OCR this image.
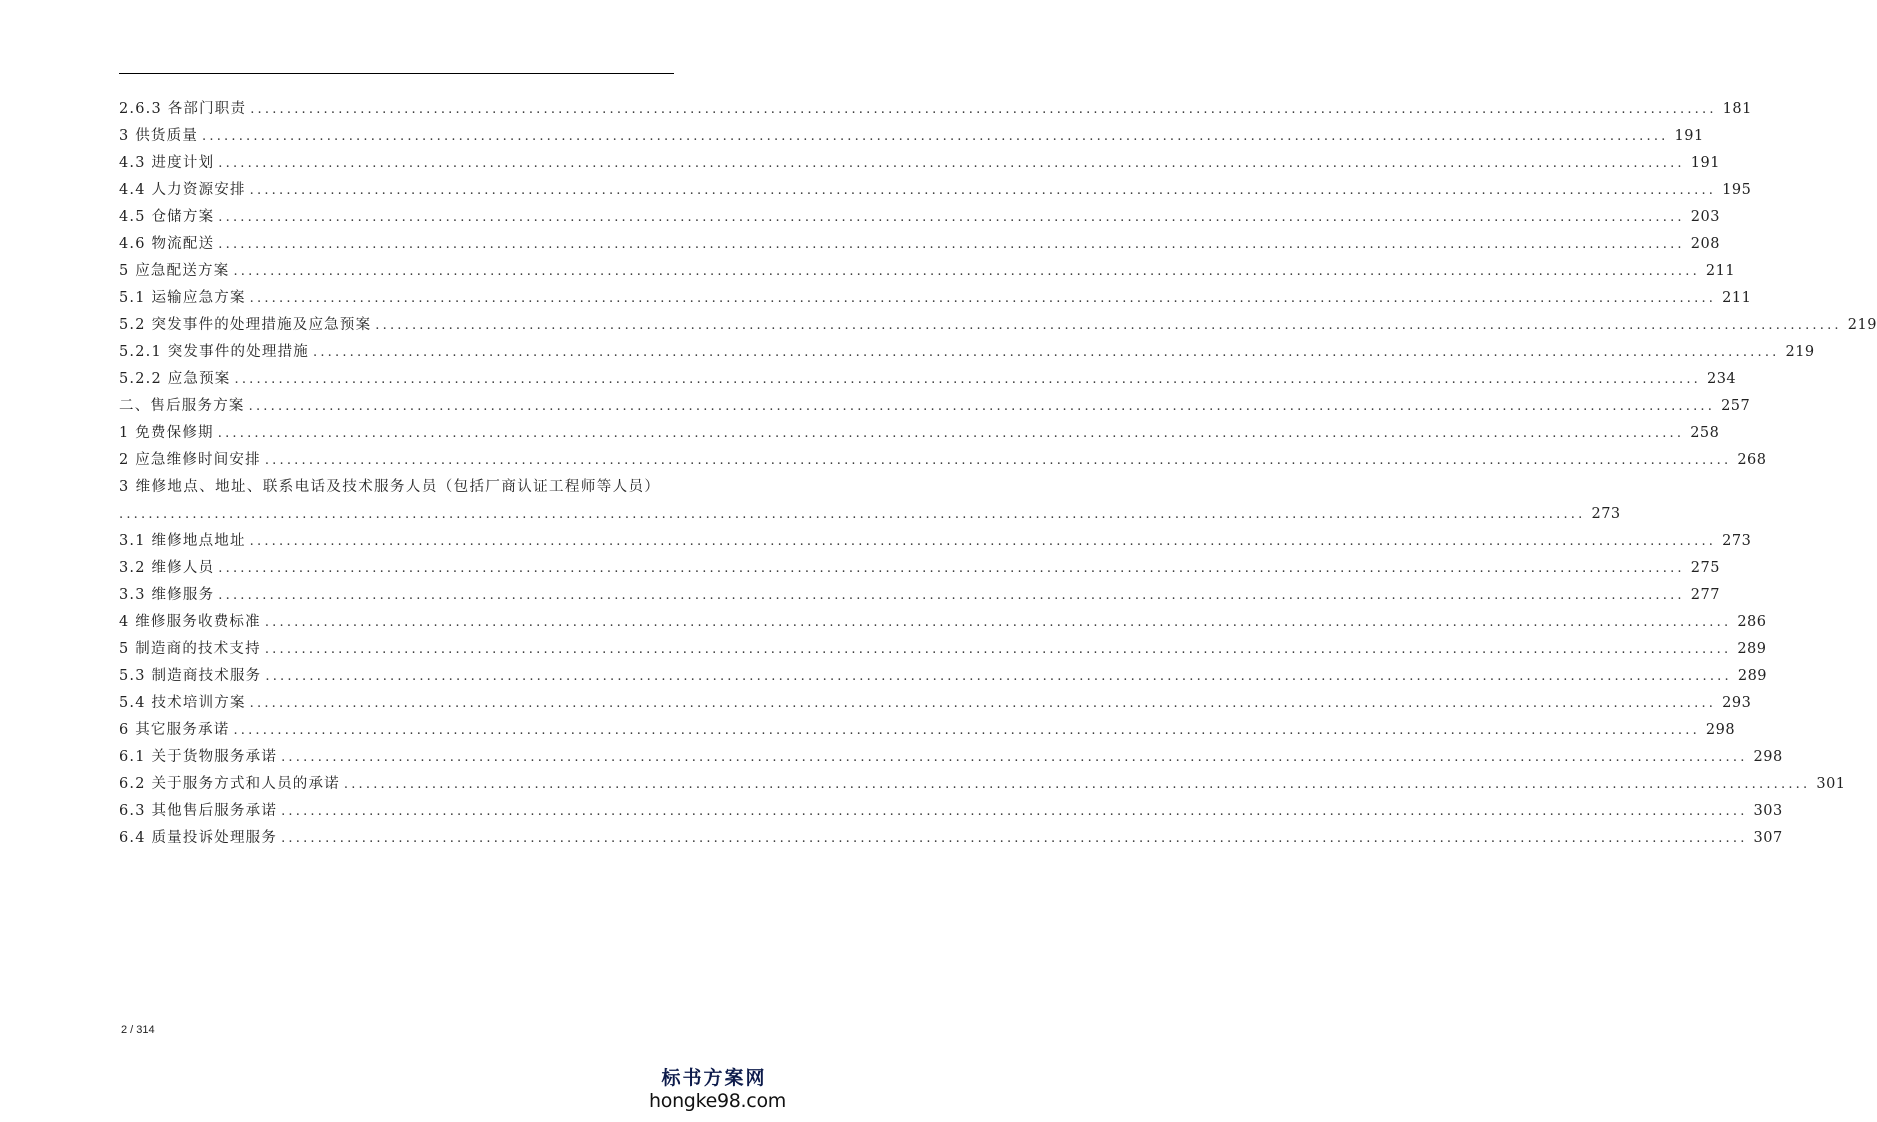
2.6.3 各部门职责 ........................................................................................................................................................................................................ 181
3 供货质量 ........................................................................................................................................................................................................ 191
4.3 进度计划 ........................................................................................................................................................................................................ 191
4.4 人力资源安排 ........................................................................................................................................................................................................ 195
4.5 仓储方案 ........................................................................................................................................................................................................ 203
4.6 物流配送 ........................................................................................................................................................................................................ 208
5 应急配送方案 ........................................................................................................................................................................................................ 211
5.1 运输应急方案 ........................................................................................................................................................................................................ 211
5.2 突发事件的处理措施及应急预案 ........................................................................................................................................................................................................ 219
5.2.1 突发事件的处理措施 ........................................................................................................................................................................................................ 219
5.2.2 应急预案 ........................................................................................................................................................................................................ 234
二、售后服务方案 ........................................................................................................................................................................................................ 257
1 免费保修期 ........................................................................................................................................................................................................ 258
2 应急维修时间安排 ........................................................................................................................................................................................................ 268
3 维修地点、地址、联系电话及技术服务人员（包括厂商认证工程师等人员）
........................................................................................................................................................................................................ 273
3.1 维修地点地址 ........................................................................................................................................................................................................ 273
3.2 维修人员 ........................................................................................................................................................................................................ 275
3.3 维修服务 ........................................................................................................................................................................................................ 277
4 维修服务收费标准 ........................................................................................................................................................................................................ 286
5 制造商的技术支持 ........................................................................................................................................................................................................ 289
5.3 制造商技术服务 ........................................................................................................................................................................................................ 289
5.4 技术培训方案 ........................................................................................................................................................................................................ 293
6 其它服务承诺 ........................................................................................................................................................................................................ 298
6.1 关于货物服务承诺 ........................................................................................................................................................................................................ 298
6.2 关于服务方式和人员的承诺 ........................................................................................................................................................................................................ 301
6.3 其他售后服务承诺 ........................................................................................................................................................................................................ 303
6.4 质量投诉处理服务 ........................................................................................................................................................................................................ 307
2 / 314
标书方案网
hongke98.com
